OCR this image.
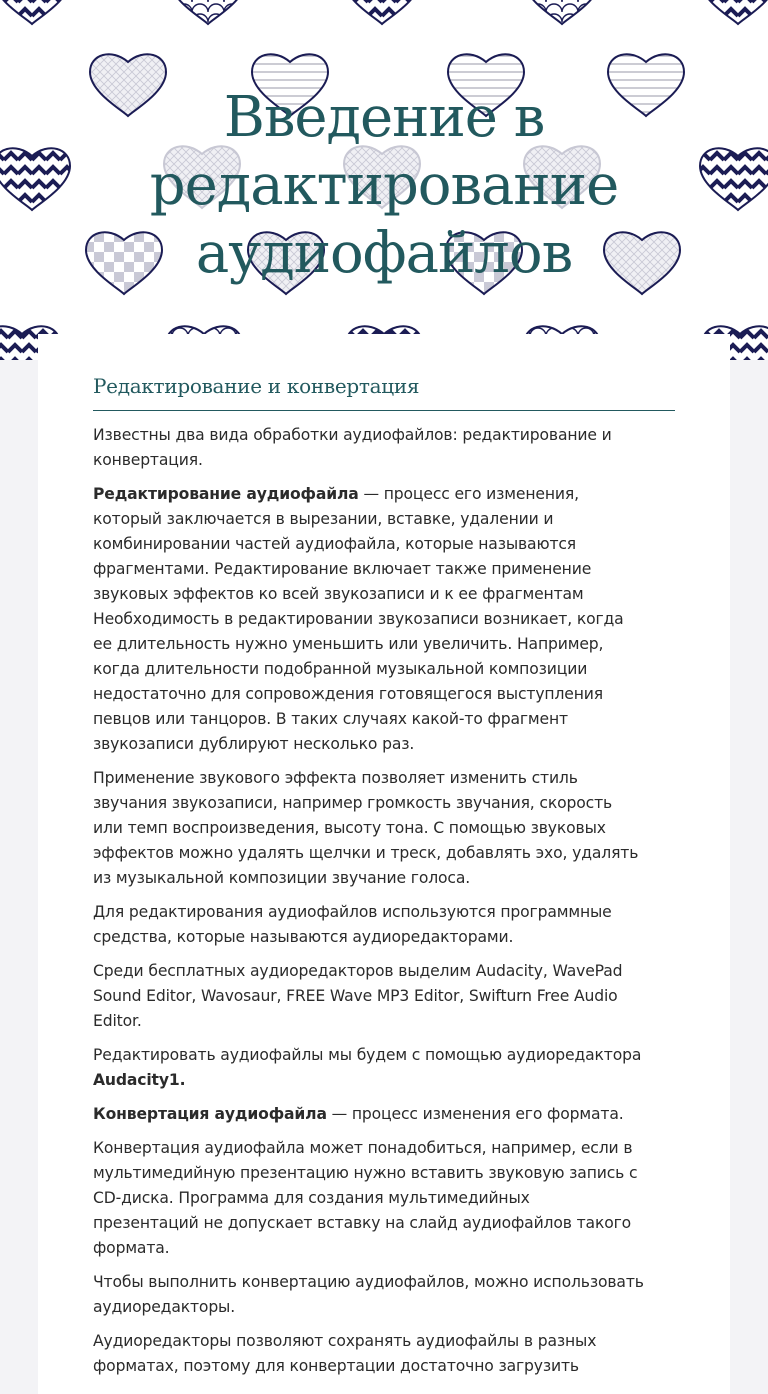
Введение в
редактирование
аудиофайлов
Редактирование и конвертация

Известны два вида обработки аудиофайлов: редактирование и конвертация.

Редактирование аудиофайла — процесс его изменения,
который заключается в вырезании, вставке, удалении и
комбинировании частей аудиофайла, которые называются
фрагментами. Редактирование включает также применение
звуковых эффектов ко всей звукозаписи и к ее фрагментам
Необходимость в редактировании звукозаписи возникает, когда
ее длительность нужно уменьшить или увеличить. Например,
когда длительности подобранной музыкальной композиции
недостаточно для сопровождения готовящегося выступления
певцов или танцоров. В таких случаях какой-то фрагмент
звукозаписи дублируют несколько раз.

Применение звукового эффекта позволяет изменить стиль
звучания звукозаписи, например громкость звучания, скорость
или темп воспроизведения, высоту тона. С помощью звуковых
эффектов можно удалять щелчки и треск, добавлять эхо, удалять
из музыкальной композиции звучание голоса.

Для редактирования аудиофайлов используются программные
средства, которые называются аудиоредакторами.

Среди бесплатных аудиоредакторов выделим Audacity, WavePad
Sound Editor, Wavosaur, FREE Wave MP3 Editor, Swifturn Free Audio
Editor.

Редактировать аудиофайлы мы будем с помощью аудиоредактора
Audacity1.

Конвертация аудиофайла — процесс изменения его формата.

Конвертация аудиофайла может понадобиться, например, если в
мультимедийную презентацию нужно вставить звуковую запись с
CD-диска. Программа для создания мультимедийных
презентаций не допускает вставку на слайд аудиофайлов такого
формата.

Чтобы выполнить конвертацию аудиофайлов, можно использовать
аудиоредакторы.

Аудиоредакторы позволяют сохранять аудиофайлы в разных
форматах, поэтому для конвертации достаточно загрузить
